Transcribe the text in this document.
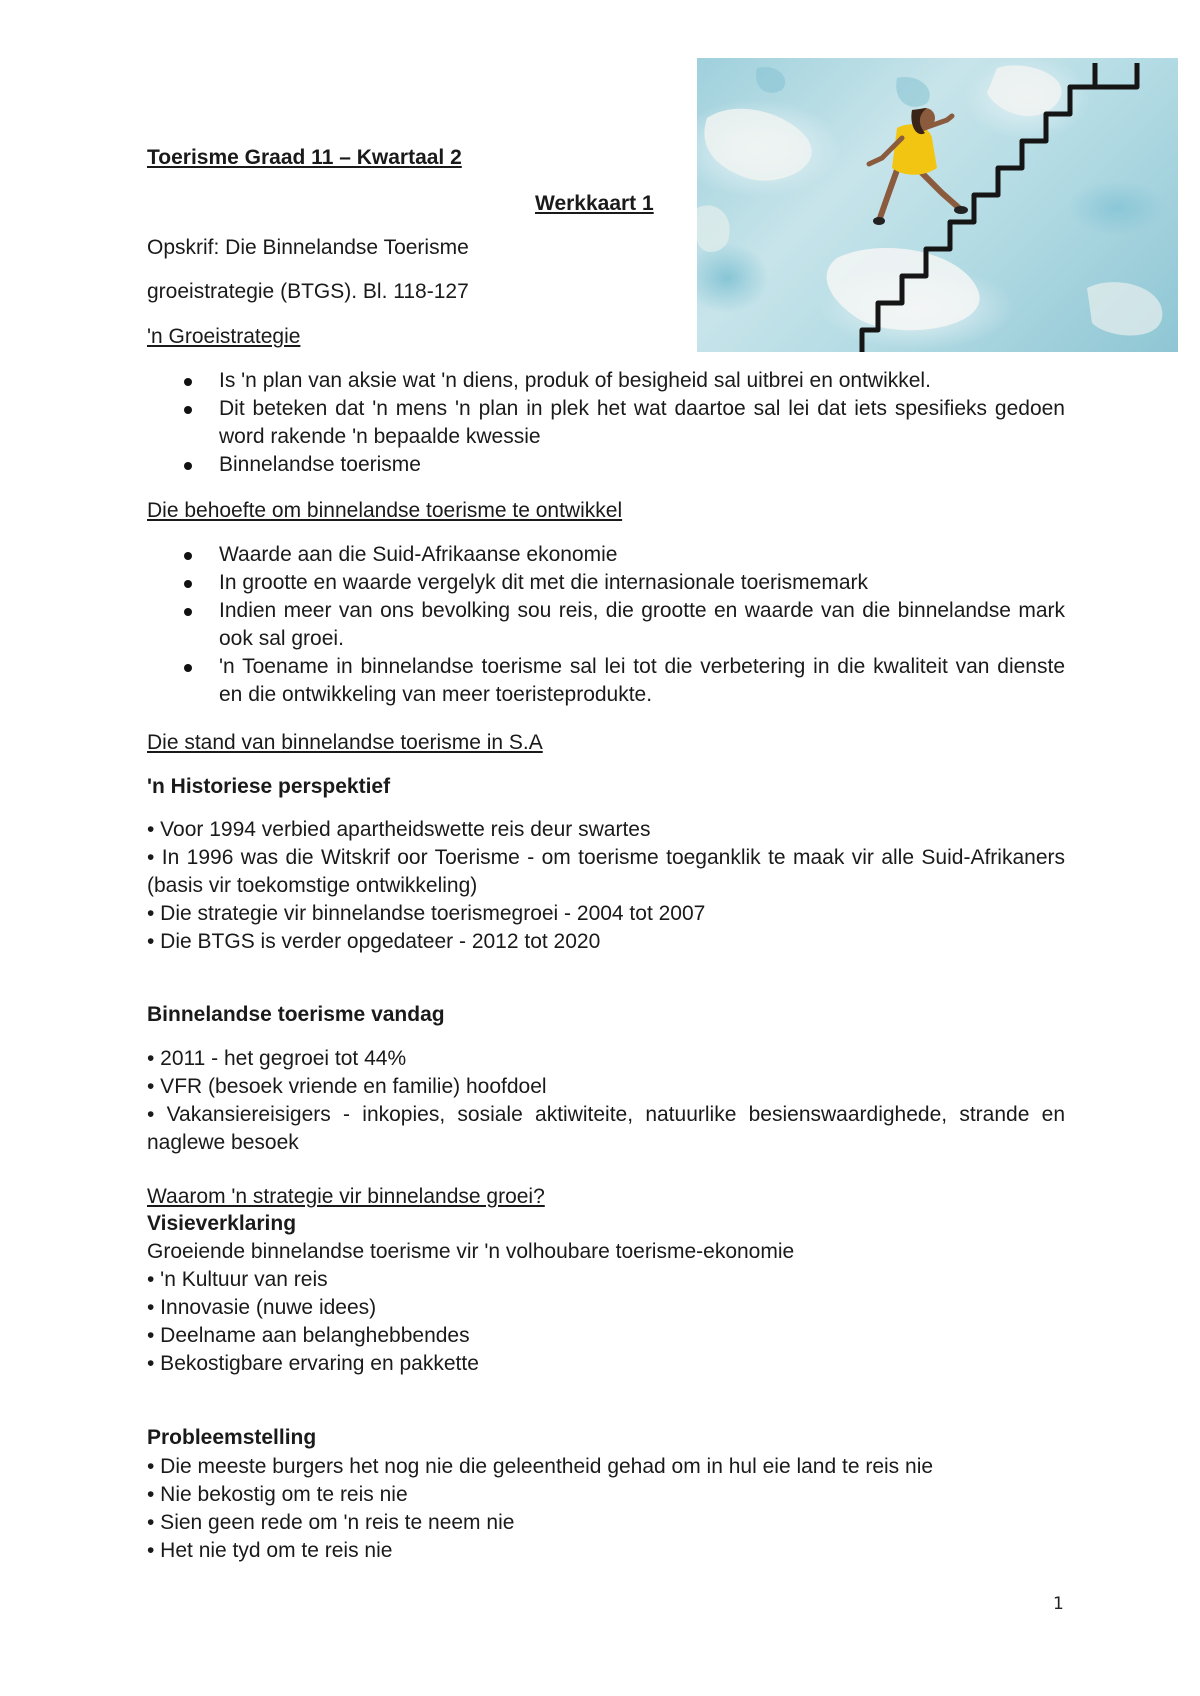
Toerisme Graad 11 – Kwartaal 2
Werkkaart 1
Opskrif: Die Binnelandse Toerisme
groeistrategie (BTGS). Bl. 118-127
'n Groeistrategie
Is 'n plan van aksie wat 'n diens, produk of besigheid sal uitbrei en ontwikkel.
Dit beteken dat 'n mens 'n plan in plek het wat daartoe sal lei dat iets spesifieks gedoen word rakende 'n bepaalde kwessie
Binnelandse toerisme
Die behoefte om binnelandse toerisme te ontwikkel
Waarde aan die Suid-Afrikaanse ekonomie
In grootte en waarde vergelyk dit met die internasionale toerismemark
Indien meer van ons bevolking sou reis, die grootte en waarde van die binnelandse mark ook sal groei.
'n Toename in binnelandse toerisme sal lei tot die verbetering in die kwaliteit van dienste en die ontwikkeling van meer toeristeprodukte.
Die stand van binnelandse toerisme in S.A
'n Historiese perspektief

• Voor 1994 verbied apartheidswette reis deur swartes

• In 1996 was die Witskrif oor Toerisme - om toerisme toeganklik te maak vir alle Suid-Afrikaners (basis vir toekomstige ontwikkeling)

• Die strategie vir binnelandse toerismegroei - 2004 tot 2007

• Die BTGS is verder opgedateer - 2012 tot 2020

Binnelandse toerisme vandag

• 2011 - het gegroei tot 44%

• VFR (besoek vriende en familie) hoofdoel

• Vakansiereisigers - inkopies, sosiale aktiwiteite, natuurlike besienswaardighede, strande en naglewe besoek

Waarom 'n strategie vir binnelandse groei?
Visieverklaring

Groeiende binnelandse toerisme vir 'n volhoubare toerisme-ekonomie

• 'n Kultuur van reis

• Innovasie (nuwe idees)

• Deelname aan belanghebbendes

• Bekostigbare ervaring en pakkette

Probleemstelling

• Die meeste burgers het nog nie die geleentheid gehad om in hul eie land te reis nie

• Nie bekostig om te reis nie

• Sien geen rede om 'n reis te neem nie

• Het nie tyd om te reis nie

1
